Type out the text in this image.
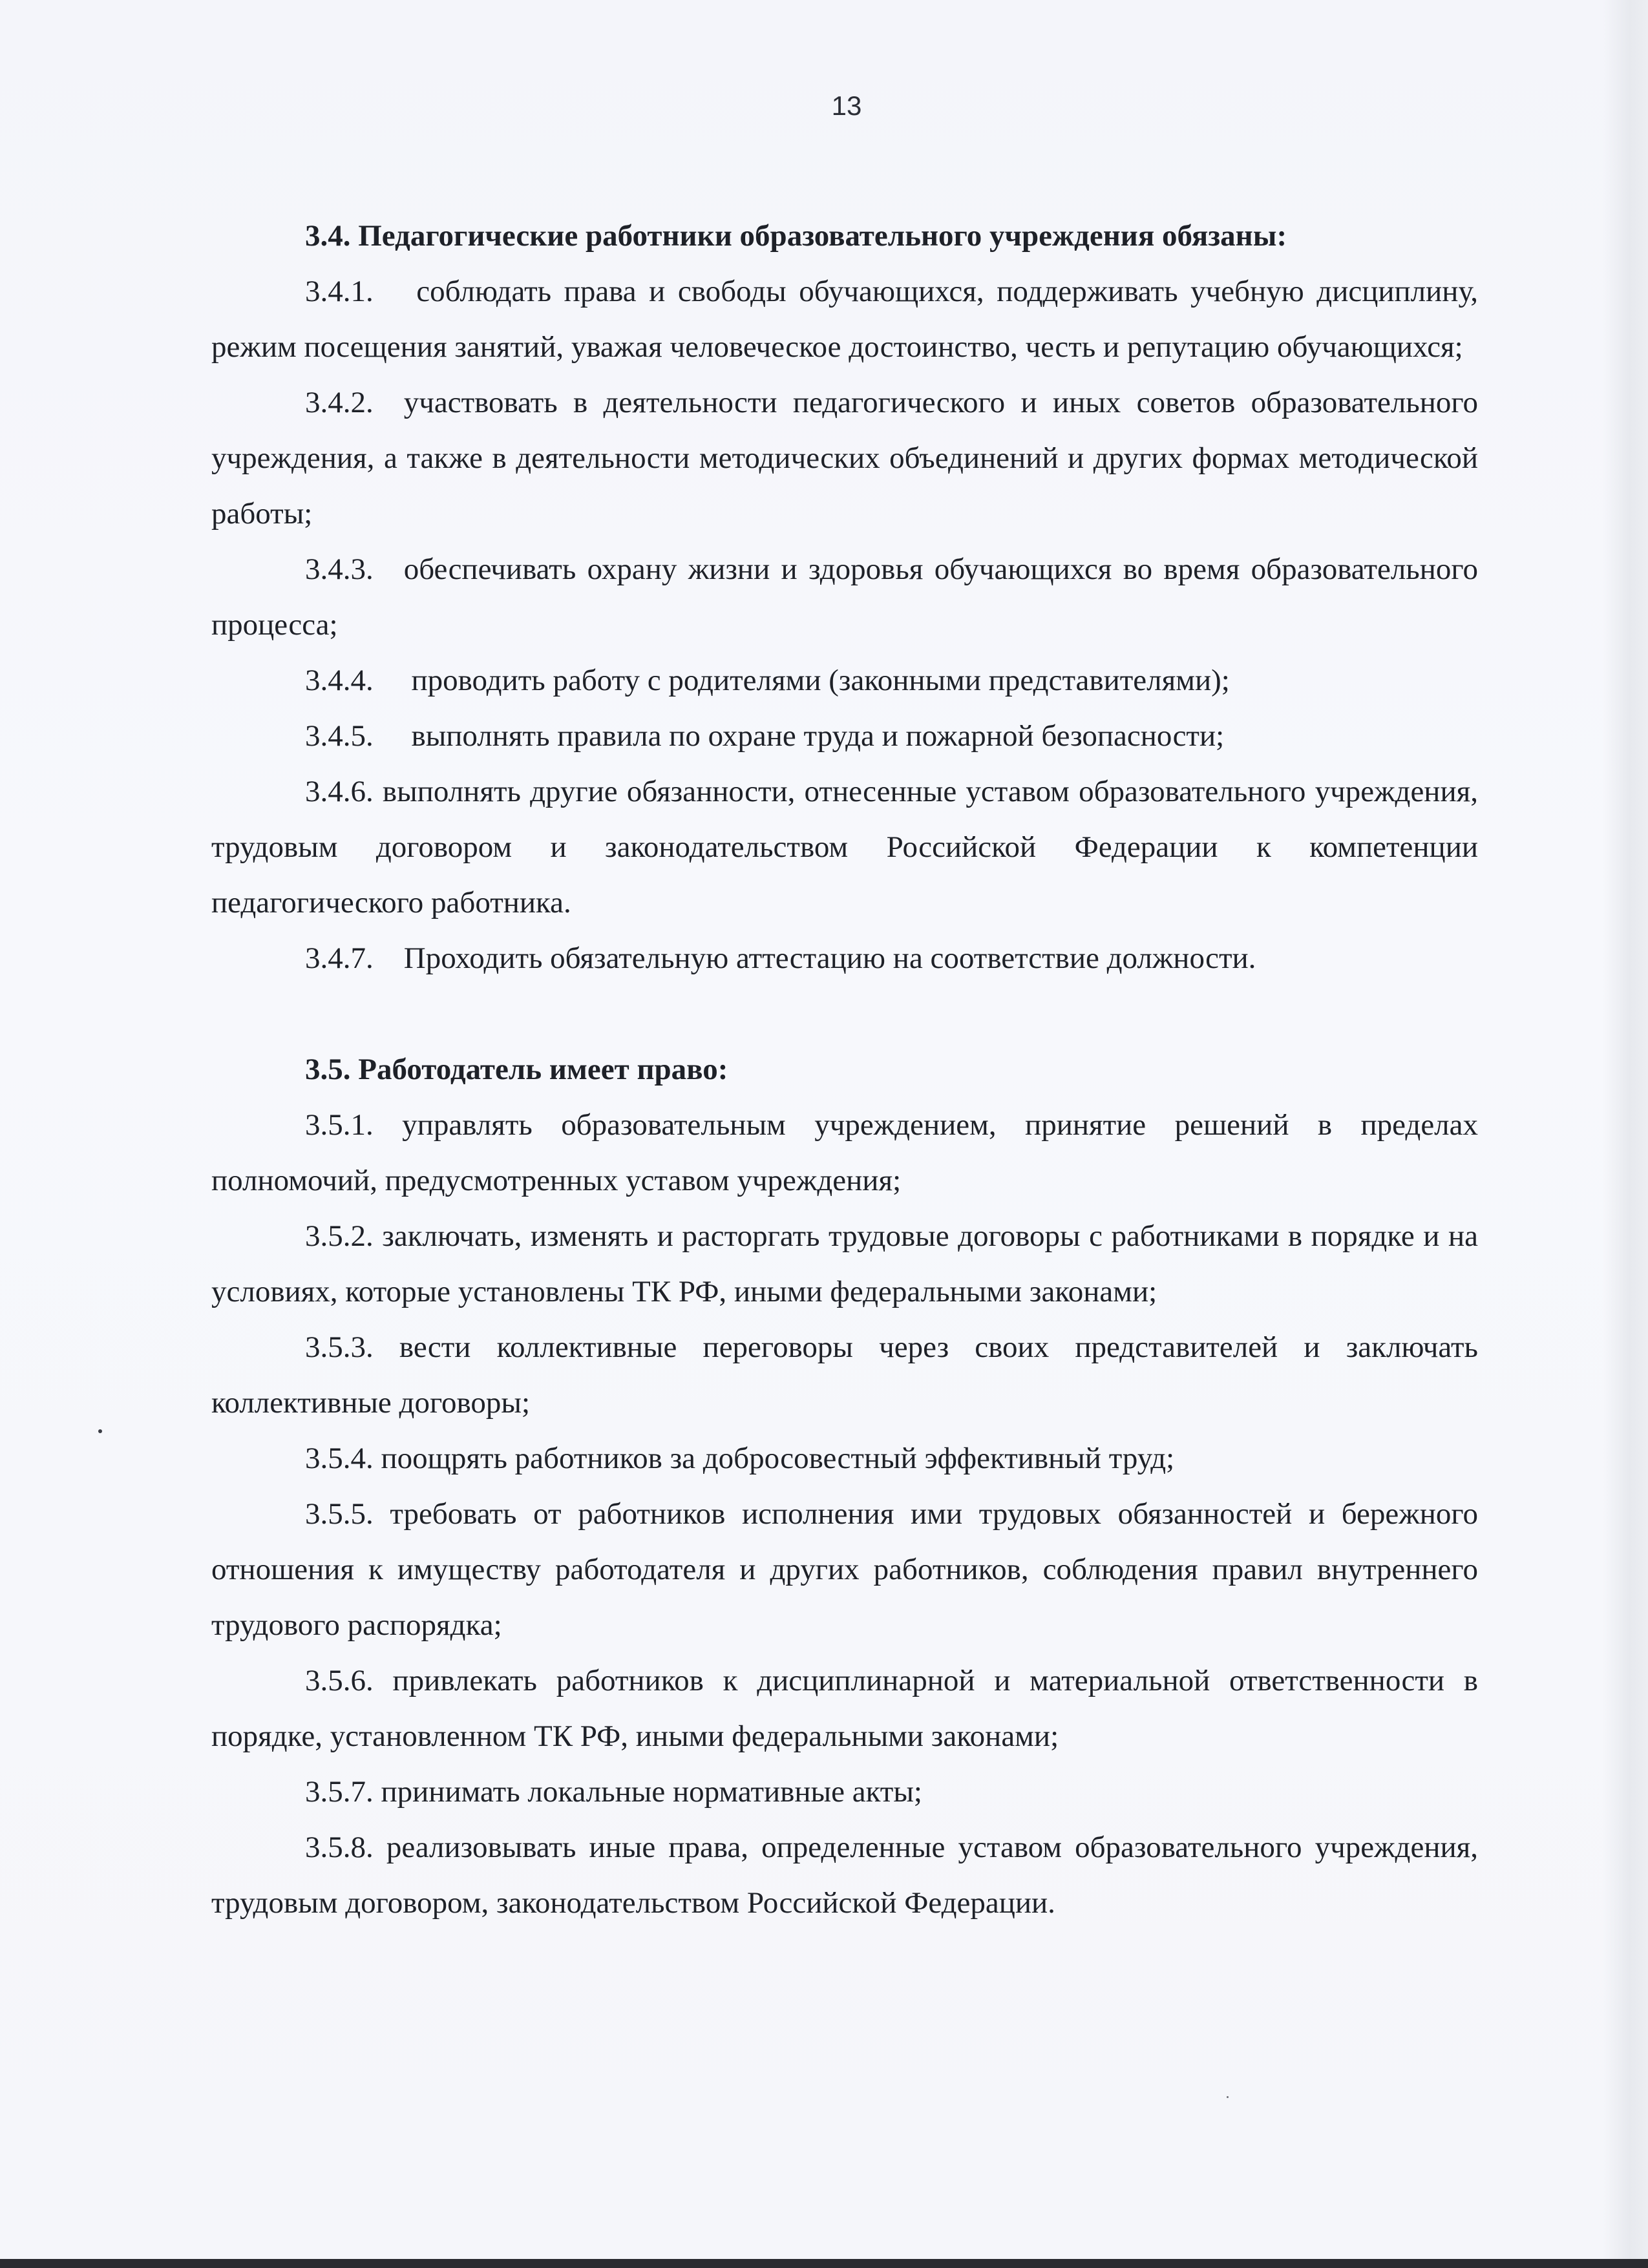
13

3.4. Педагогические работники образовательного учреждения обязаны:

3.4.1.  соблюдать права и свободы обучающихся, поддерживать учебную дисциплину, режим посещения занятий, уважая человеческое достоинство, честь и репутацию обучающихся;

3.4.2. участвовать в деятельности педагогического и иных советов образовательного учреждения, а также в деятельности методических объединений и других формах методической работы;

3.4.3. обеспечивать охрану жизни и здоровья обучающихся во время образовательного процесса;

3.4.4.  проводить работу с родителями (законными представителями);

3.4.5.  выполнять правила по охране труда и пожарной безопасности;

3.4.6. выполнять другие обязанности, отнесенные уставом образовательного учреждения, трудовым договором и законодательством Российской Федерации к компетенции педагогического работника.

3.4.7. Проходить обязательную аттестацию на соответствие должности.

3.5. Работодатель имеет право:

3.5.1. управлять образовательным учреждением, принятие решений в пределах полномочий, предусмотренных уставом учреждения;

3.5.2. заключать, изменять и расторгать трудовые договоры с работниками в порядке и на условиях, которые установлены ТК РФ, иными федеральными законами;

3.5.3. вести коллективные переговоры через своих представителей и заключать коллективные договоры;

3.5.4. поощрять работников за добросовестный эффективный труд;

3.5.5. требовать от работников исполнения ими трудовых обязанностей и бережного отношения к имуществу работодателя и других работников, соблюдения правил внутреннего трудового распорядка;

3.5.6. привлекать работников к дисциплинарной и материальной ответственности в порядке, установленном ТК РФ, иными федеральными законами;

3.5.7. принимать локальные нормативные акты;

3.5.8. реализовывать иные права, определенные уставом образовательного учреждения, трудовым договором, законодательством Российской Федерации.
